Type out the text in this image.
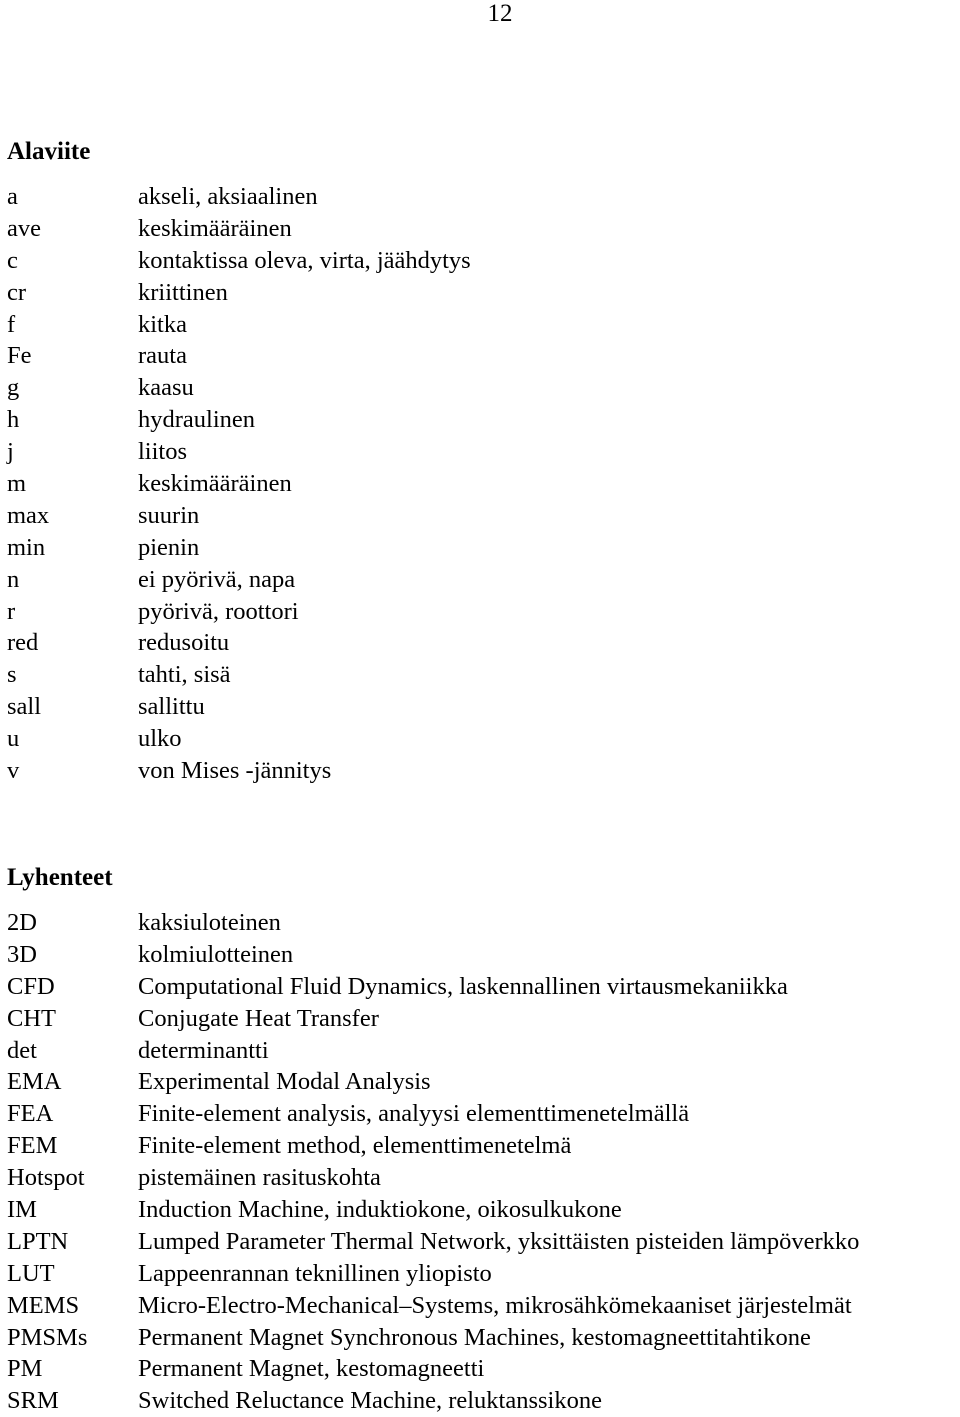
12
Alaviite
a	akseli, aksiaalinen
ave	keskimääräinen
c	kontaktissa oleva, virta, jäähdytys
cr	kriittinen
f	kitka
Fe	rauta
g	kaasu
h	hydraulinen
j	liitos
m	keskimääräinen
max	suurin
min	pienin
n	ei pyörivä, napa
r	pyörivä, roottori
red	redusoitu
s	tahti, sisä
sall	sallittu
u	ulko
v	von Mises -jännitys
Lyhenteet
2D	kaksiuloteinen
3D	kolmiulotteinen
CFD	Computational Fluid Dynamics, laskennallinen virtausmekaniikka
CHT	Conjugate Heat Transfer
det	determinantti
EMA	Experimental Modal Analysis
FEA	Finite-element analysis, analyysi elementtimenetelmällä
FEM	Finite-element method, elementtimenetelmä
Hotspot	pistemäinen rasituskohta
IM	Induction Machine, induktiokone, oikosulkukone
LPTN	Lumped Parameter Thermal Network, yksittäisten pisteiden lämpöverkko
LUT	Lappeenrannan teknillinen yliopisto
MEMS	Micro-Electro-Mechanical–Systems, mikrosähkömekaaniset järjestelmät
PMSMs	Permanent Magnet Synchronous Machines, kestomagneettitahtikone
PM	Permanent Magnet, kestomagneetti
SRM	Switched Reluctance Machine, reluktanssikone
